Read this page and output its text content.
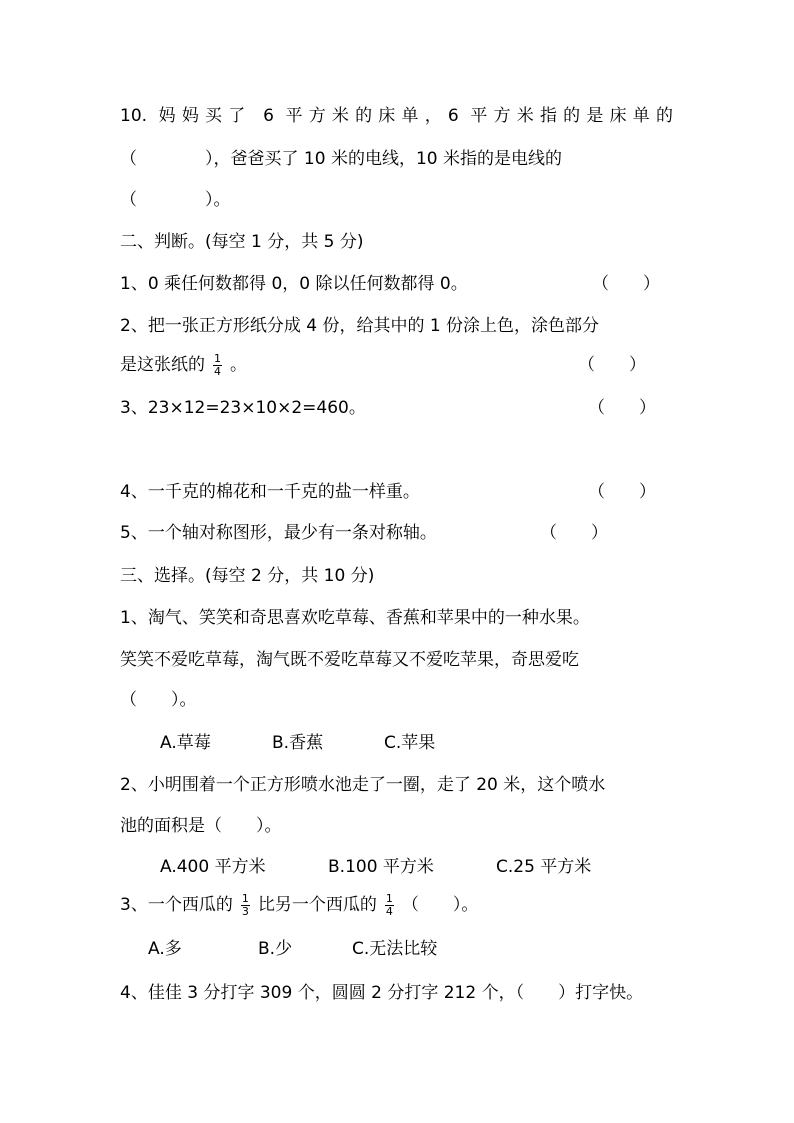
10. 妈妈买了 6 平方米的床单，6 平方米指的是床单的
（　　　　），爸爸买了 10 米的电线，10 米指的是电线的
（　　　　）。
二、判断。(每空 1 分，共 5 分)
1、0 乘任何数都得 0，0 除以任何数都得 0。	（　　）
2、把一张正方形纸分成 4 份，给其中的 1 份涂上色，涂色部分
是这张纸的 $\frac{1}{4}$ 。	（　　）
3、23×12=23×10×2=460。	（　　）
4、一千克的棉花和一千克的盐一样重。	（　　）
5、一个轴对称图形，最少有一条对称轴。	（　　）
三、选择。(每空 2 分，共 10 分)
1、淘气、笑笑和奇思喜欢吃草莓、香蕉和苹果中的一种水果。
笑笑不爱吃草莓，淘气既不爱吃草莓又不爱吃苹果，奇思爱吃
（　　）。
A.草莓	B.香蕉	C.苹果
2、小明围着一个正方形喷水池走了一圈，走了 20 米，这个喷水
池的面积是（　　）。
A.400 平方米	B.100 平方米	C.25 平方米
3、一个西瓜的 $\frac{1}{3}$ 比另一个西瓜的 $\frac{1}{4}$ （　　）。
A.多	B.少	C.无法比较
4、佳佳 3 分打字 309 个，圆圆 2 分打字 212 个，（　　）打字快。
